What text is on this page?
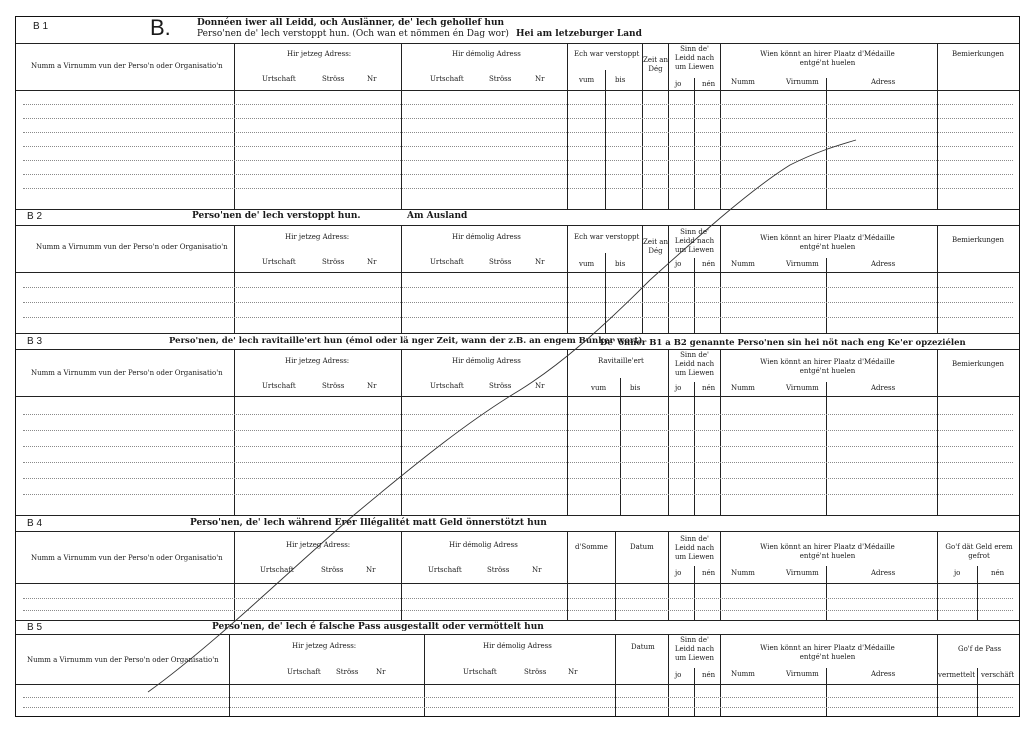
B 1	B.	Donnéen iwer all Leidd, och Auslänner, de' lech gehollef hun
Perso'nen de' lech verstoppt hun. (Och wan et nömmen én Dag wor) Hei am letzeburger Land
Numm a Virnumm vun der Perso'n oder Organisatio'n
Hir jetzeg Adress:
Urtschaft	Ströss	Nr
Hir démolig Adress
Urtschaft	Ströss	Nr
Ech war verstoppt
vum	bis
Zeit an Dég
Sinn de' Leidd nach um Liewen
jo	nén
Wien könnt an hirer Plaatz d'Médaille entgé'nt huelen
Numm	Virnumm	Adress
Bemierkungen
B 2	Perso'nen de' lech verstoppt hun.	Am Ausland
Numm a Virnumm vun der Perso'n oder Organisatio'n
Hir jetzeg Adress:
Urtschaft	Ströss	Nr
Hir démolig Adress
Urtschaft	Ströss	Nr
Ech war verstoppt
vum	bis
Zeit an Dég
Sinn de' Leidd nach um Liewen
jo	nén
Wien könnt an hirer Plaatz d'Médaille entgé'nt huelen
Numm	Virnumm	Adress
Bemierkungen
B 3	Perso'nen, de' lech ravitaille'ert hun (émol oder lä nger Zeit, wann der z.B. an engem Bunker wort)
De' önner B1 a B2 genannte Perso'nen sin hei nöt nach eng Ke'er opzeziélen
Numm a Virnumm vun der Perso'n oder Organisatio'n
Hir jetzeg Adress:
Urtschaft	Ströss	Nr
Hir démolig Adress
Urtschaft	Ströss	Nr
Ravitaille'ert
vum	bis
Sinn de' Leidd nach um Liewen
jo	nén
Wien könnt an hirer Plaatz d'Médaille entgé'nt huelen
Numm	Virnumm	Adress
Bemierkungen
B 4	Perso'nen, de' lech während Erer Illégalitét matt Geld önnerstötzt hun
Numm a Virnumm vun der Perso'n oder Organisatio'n
Hir jetzeg Adress:
Urtschaft	Ströss	Nr
Hir démolig Adress
Urtschaft	Ströss	Nr
d'Somme	Datum
Sinn de' Leidd nach um Liewen
jo	nén
Wien könnt an hirer Plaatz d'Médaille entgé'nt huelen
Numm	Virnumm	Adress
Go'f dät Geld erem gefrot
jo	nén
B 5	Perso'nen, de' lech é falsche Pass ausgestallt oder vermöttelt hun
Numm a Virnumm vun der Perso'n oder Organisatio'n
Hir jetzeg Adress:
Urtschaft Ströss	Nr
Hir démolig Adress
Urtschaft	Ströss	Nr
Datum
Sinn de' Leidd nach um Liewen
jo	nén
Wien könnt an hirer Plaatz d'Médaille entgé'nt huelen
Numm	Virnumm	Adress
Go'f de Pass
vermettelt verschäft
